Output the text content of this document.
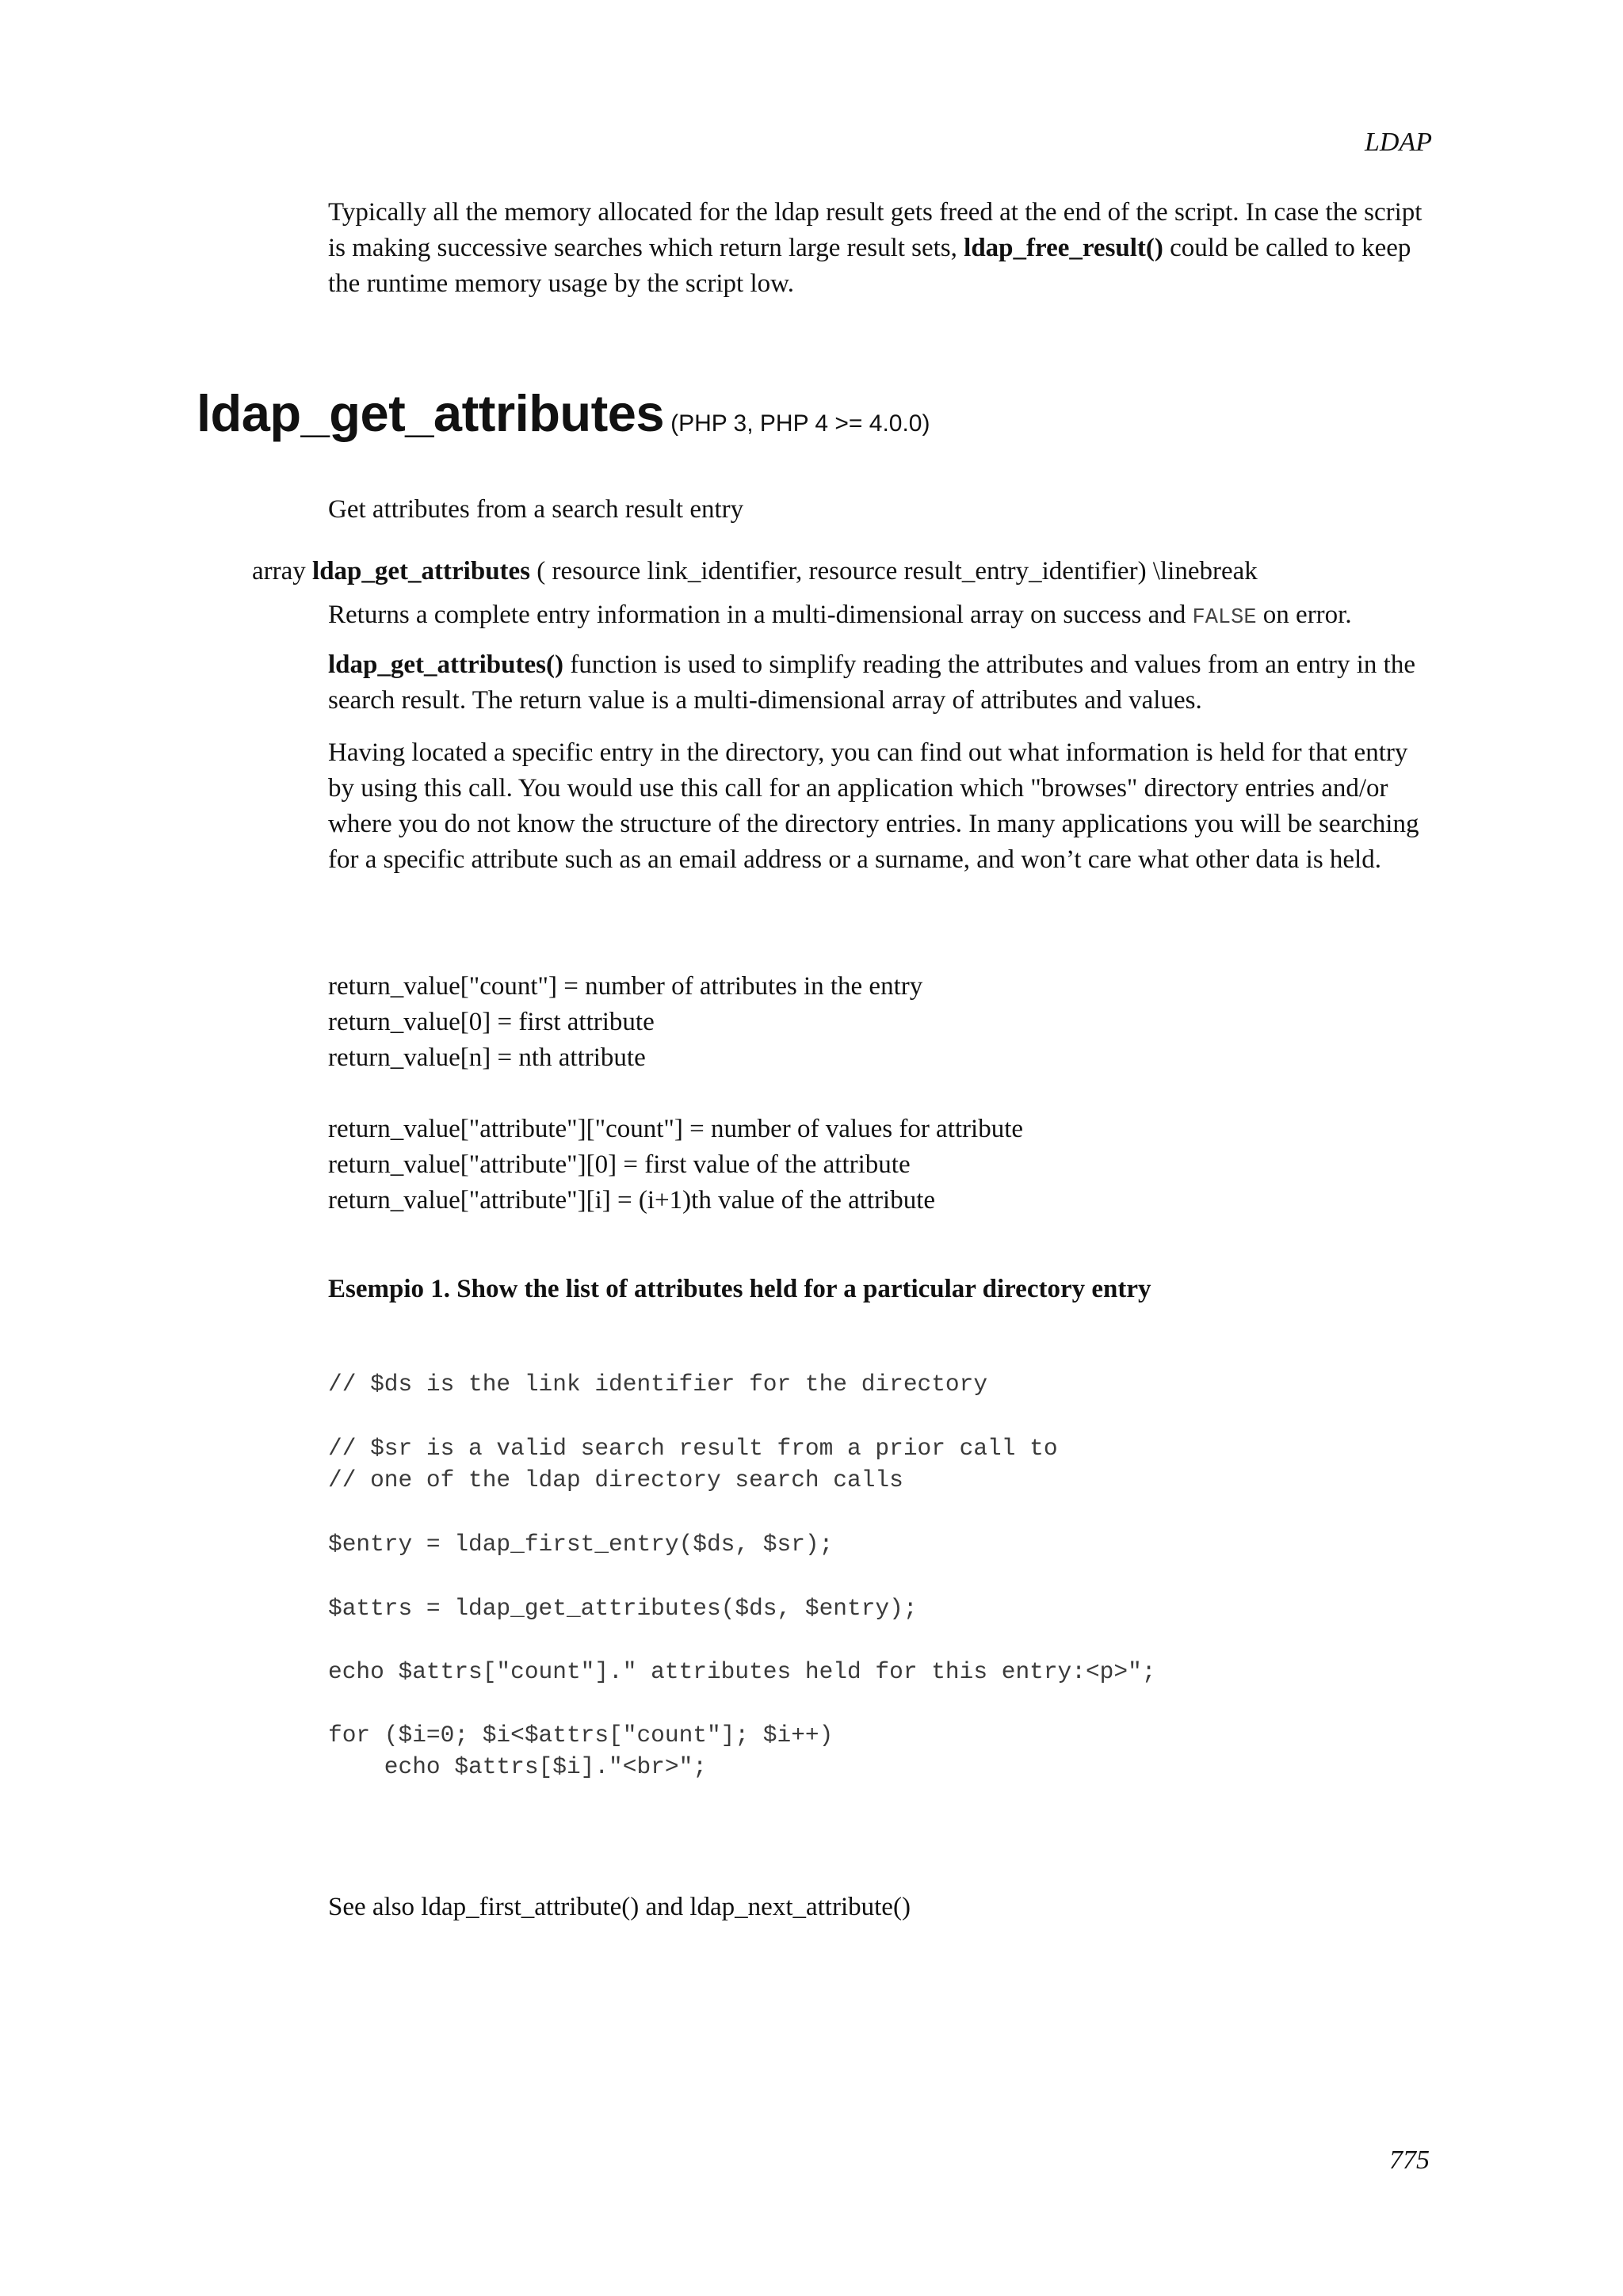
LDAP

Typically all the memory allocated for the ldap result gets freed at the end of the script. In case the script is making successive searches which return large result sets, ldap_free_result() could be called to keep the runtime memory usage by the script low.

ldap_get_attributes (PHP 3, PHP 4 >= 4.0.0)

Get attributes from a search result entry

array ldap_get_attributes ( resource link_identifier, resource result_entry_identifier) \linebreak

Returns a complete entry information in a multi-dimensional array on success and FALSE on error.

ldap_get_attributes() function is used to simplify reading the attributes and values from an entry in the search result. The return value is a multi-dimensional array of attributes and values.

Having located a specific entry in the directory, you can find out what information is held for that entry by using this call. You would use this call for an application which "browses" directory entries and/or where you do not know the structure of the directory entries. In many applications you will be searching for a specific attribute such as an email address or a surname, and won’t care what other data is held.

return_value["count"] = number of attributes in the entry

return_value[0] = first attribute

return_value[n] = nth attribute

return_value["attribute"]["count"] = number of values for attribute

return_value["attribute"][0] = first value of the attribute

return_value["attribute"][i] = (i+1)th value of the attribute

Esempio 1. Show the list of attributes held for a particular directory entry

// $ds is the link identifier for the directory

// $sr is a valid search result from a prior call to

// one of the ldap directory search calls

$entry = ldap_first_entry($ds, $sr);

$attrs = ldap_get_attributes($ds, $entry);

echo $attrs["count"]." attributes held for this entry:<p>";

for ($i=0; $i<$attrs["count"]; $i++)

echo $attrs[$i]."<br>";

See also ldap_first_attribute() and ldap_next_attribute()

775
